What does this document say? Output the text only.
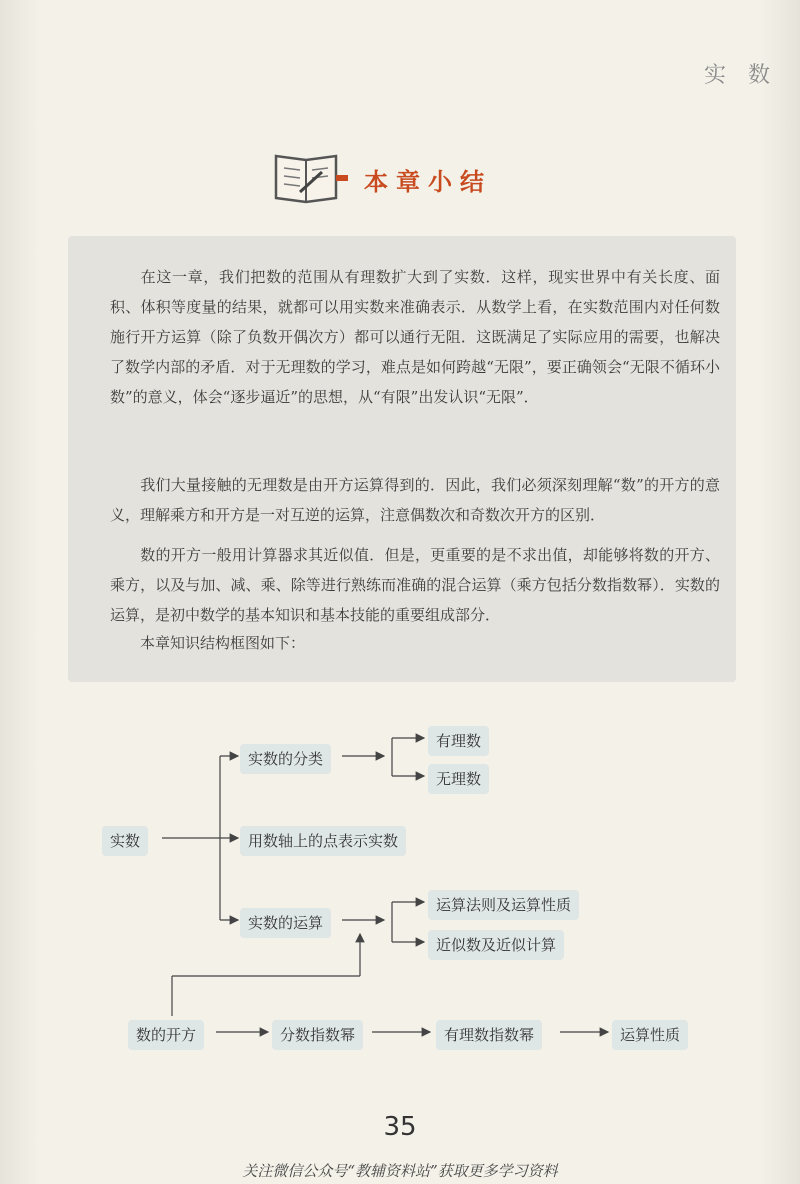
实　数
本章小结

在这一章，我们把数的范围从有理数扩大到了实数．这样，现实世界中有关长度、面积、体积等度量的结果，就都可以用实数来准确表示．从数学上看，在实数范围内对任何数施行开方运算（除了负数开偶次方）都可以通行无阻．这既满足了实际应用的需要，也解决了数学内部的矛盾．对于无理数的学习，难点是如何跨越“无限”，要正确领会“无限不循环小数”的意义，体会“逐步逼近”的思想，从“有限”出发认识“无限”．

我们大量接触的无理数是由开方运算得到的．因此，我们必须深刻理解“数”的开方的意义，理解乘方和开方是一对互逆的运算，注意偶数次和奇数次开方的区别．

数的开方一般用计算器求其近似值．但是，更重要的是不求出值，却能够将数的开方、乘方，以及与加、减、乘、除等进行熟练而准确的混合运算（乘方包括分数指数幂）．实数的运算，是初中数学的基本知识和基本技能的重要组成部分．

本章知识结构框图如下：

实数
实数的分类
有理数
无理数
用数轴上的点表示实数
实数的运算
运算法则及运算性质
近似数及近似计算
数的开方	分数指数幂	有理数指数幂	运算性质
35
关注微信公众号“教辅资料站”获取更多学习资料
